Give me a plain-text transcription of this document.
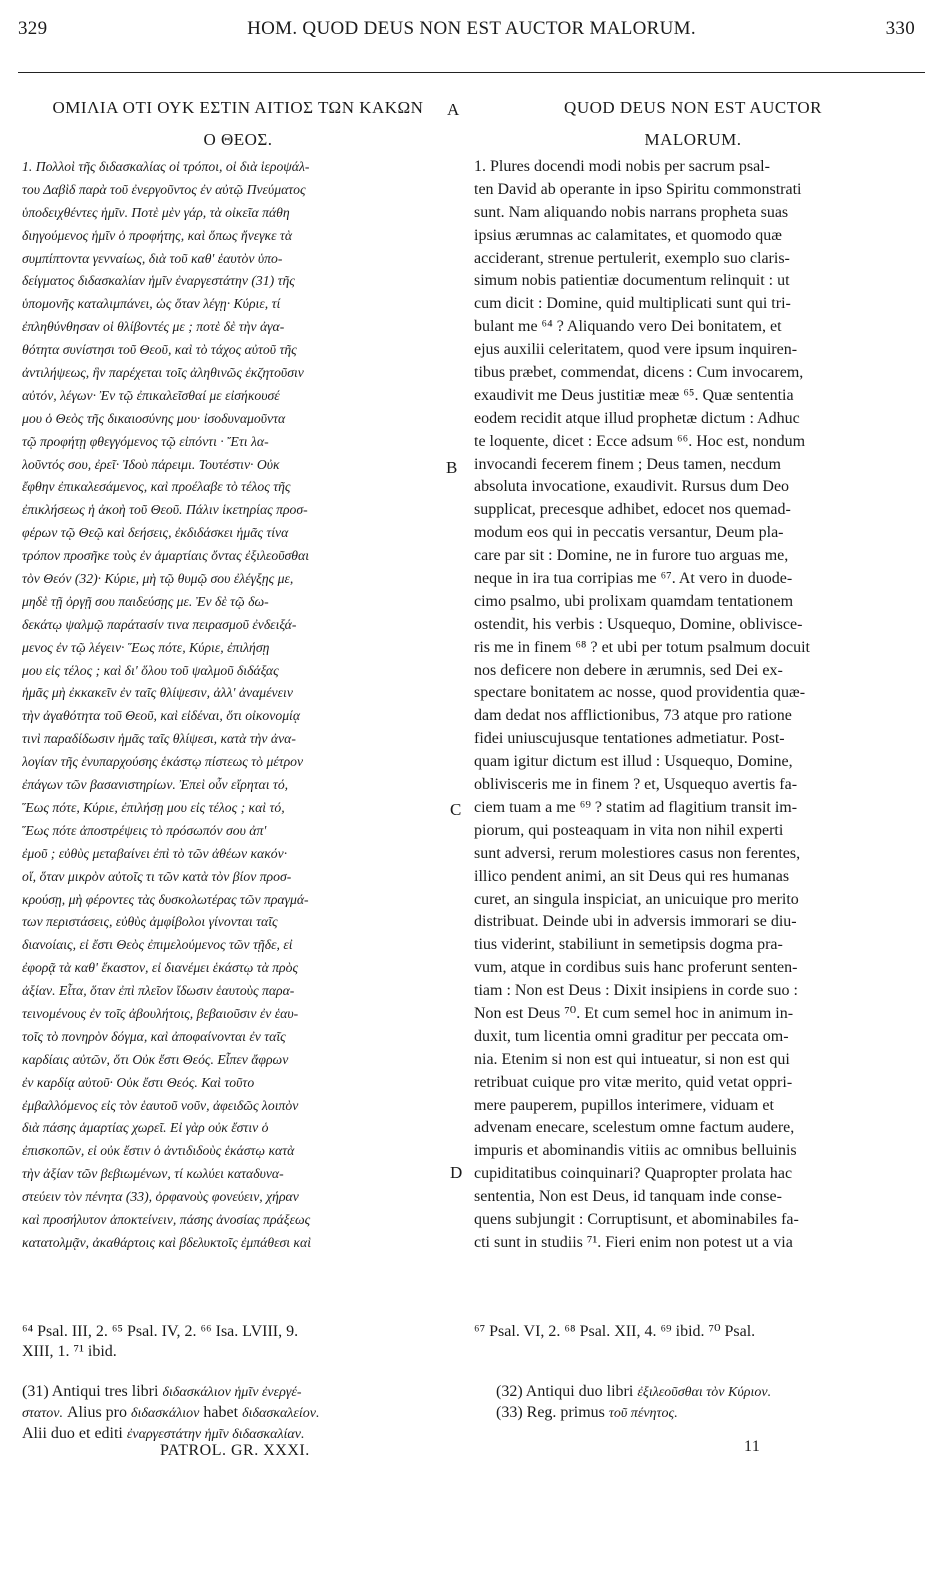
329	HOM. QUOD DEUS NON EST AUCTOR MALORUM.	330
ΟΜΙΛΙΑ ΟΤΙ ΟΥΚ ΕΣΤΙΝ ΑΙΤΙΟΣ ΤΩΝ ΚΑΚΩΝ
Ο ΘΕΟΣ.
1. Πολλοὶ τῆς διδασκαλίας οἱ τρόποι, οἱ διὰ ἱεροψάλ-
του Δαβὶδ παρὰ τοῦ ἐνεργοῦντος ἐν αὐτῷ Πνεύματος
ὑποδειχθέντες ἡμῖν. Ποτὲ μὲν γάρ, τὰ οἰκεῖα πάθη
διηγούμενος ἡμῖν ὁ προφήτης, καὶ ὅπως ἤνεγκε τὰ
συμπίπτοντα γενναίως, διὰ τοῦ καθ' ἑαυτὸν ὑπο-
δείγματος διδασκαλίαν ἡμῖν ἐναργεστάτην (31) τῆς
ὑπομονῆς καταλιμπάνει, ὡς ὅταν λέγῃ· Κύριε, τί
ἐπληθύνθησαν οἱ θλίβοντές με ; ποτὲ δὲ τὴν ἀγα-
θότητα συνίστησι τοῦ Θεοῦ, καὶ τὸ τάχος αὐτοῦ τῆς
ἀντιλήψεως, ἣν παρέχεται τοῖς ἀληθινῶς ἐκζητοῦσιν
αὐτόν, λέγων· Ἐν τῷ ἐπικαλεῖσθαί με εἰσήκουσέ
μου ὁ Θεὸς τῆς δικαιοσύνης μου· ἰσοδυναμοῦντα
τῷ προφήτῃ φθεγγόμενος τῷ εἰπόντι · Ἔτι λα-
λοῦντός σου, ἐρεῖ· Ἰδοὺ πάρειμι. Τουτέστιν· Οὐκ
ἔφθην ἐπικαλεσάμενος, καὶ προέλαβε τὸ τέλος τῆς
ἐπικλήσεως ἡ ἀκοὴ τοῦ Θεοῦ. Πάλιν ἱκετηρίας προσ-
φέρων τῷ Θεῷ καὶ δεήσεις, ἐκδιδάσκει ἡμᾶς τίνα
τρόπον προσῆκε τοὺς ἐν ἁμαρτίαις ὄντας ἐξιλεοῦσθαι
τὸν Θεόν (32)· Κύριε, μὴ τῷ θυμῷ σου ἐλέγξῃς με,
μηδὲ τῇ ὀργῇ σου παιδεύσῃς με. Ἐν δὲ τῷ δω-
δεκάτῳ ψαλμῷ παράτασίν τινα πειρασμοῦ ἐνδειξά-
μενος ἐν τῷ λέγειν· Ἕως πότε, Κύριε, ἐπιλήσῃ
μου εἰς τέλος ; καὶ δι' ὅλου τοῦ ψαλμοῦ διδάξας
ἡμᾶς μὴ ἐκκακεῖν ἐν ταῖς θλίψεσιν, ἀλλ' ἀναμένειν
τὴν ἀγαθότητα τοῦ Θεοῦ, καὶ εἰδέναι, ὅτι οἰκονομίᾳ
τινὶ παραδίδωσιν ἡμᾶς ταῖς θλίψεσι, κατὰ τὴν ἀνα-
λογίαν τῆς ἐνυπαρχούσης ἑκάστῳ πίστεως τὸ μέτρον
ἐπάγων τῶν βασανιστηρίων. Ἐπεὶ οὖν εἴρηται τό,
Ἕως πότε, Κύριε, ἐπιλήσῃ μου εἰς τέλος ; καὶ τό,
Ἕως πότε ἀποστρέψεις τὸ πρόσωπόν σου ἀπ'
ἐμοῦ ; εὐθὺς μεταβαίνει ἐπὶ τὸ τῶν ἀθέων κακόν·
οἵ, ὅταν μικρὸν αὐτοῖς τι τῶν κατὰ τὸν βίον προσ-
κρούσῃ, μὴ φέροντες τὰς δυσκολωτέρας τῶν πραγμά-
των περιστάσεις, εὐθὺς ἀμφίβολοι γίνονται ταῖς
διανοίαις, εἰ ἔστι Θεὸς ἐπιμελούμενος τῶν τῇδε, εἰ
ἐφορᾷ τὰ καθ' ἕκαστον, εἰ διανέμει ἑκάστῳ τὰ πρὸς
ἀξίαν. Εἶτα, ὅταν ἐπὶ πλεῖον ἴδωσιν ἑαυτοὺς παρα-
τεινομένους ἐν τοῖς ἀβουλήτοις, βεβαιοῦσιν ἐν ἑαυ-
τοῖς τὸ πονηρὸν δόγμα, καὶ ἀποφαίνονται ἐν ταῖς
καρδίαις αὐτῶν, ὅτι Οὐκ ἔστι Θεός. Εἶπεν ἄφρων
ἐν καρδίᾳ αὐτοῦ· Οὐκ ἔστι Θεός. Καὶ τοῦτο
ἐμβαλλόμενος εἰς τὸν ἑαυτοῦ νοῦν, ἀφειδῶς λοιπὸν
διὰ πάσης ἁμαρτίας χωρεῖ. Εἰ γὰρ οὐκ ἔστιν ὁ
ἐπισκοπῶν, εἰ οὐκ ἔστιν ὁ ἀντιδιδοὺς ἑκάστῳ κατὰ
τὴν ἀξίαν τῶν βεβιωμένων, τί κωλύει καταδυνα-
στεύειν τὸν πένητα (33), ὀρφανοὺς φονεύειν, χήραν
καὶ προσήλυτον ἀποκτείνειν, πάσης ἀνοσίας πράξεως
κατατολμᾷν, ἀκαθάρτοις καὶ βδελυκτοῖς ἐμπάθεσι καὶ
QUOD DEUS NON EST AUCTOR
MALORUM.
1. Plures docendi modi nobis per sacrum psal-
ten David ab operante in ipso Spiritu commonstrati
sunt. Nam aliquando nobis narrans propheta suas
ipsius ærumnas ac calamitates, et quomodo quæ
acciderant, strenue pertulerit, exemplo suo claris-
simum nobis patientiæ documentum relinquit : ut
cum dicit : Domine, quid multiplicati sunt qui tri-
bulant me ⁶⁴ ? Aliquando vero Dei bonitatem, et
ejus auxilii celeritatem, quod vere ipsum inquiren-
tibus præbet, commendat, dicens : Cum invocarem,
exaudivit me Deus justitiæ meæ ⁶⁵. Quæ sententia
eodem recidit atque illud prophetæ dictum : Adhuc
te loquente, dicet : Ecce adsum ⁶⁶. Hoc est, nondum
invocandi fecerem finem ; Deus tamen, necdum
absoluta invocatione, exaudivit. Rursus dum Deo
supplicat, precesque adhibet, edocet nos quemad-
modum eos qui in peccatis versantur, Deum pla-
care par sit : Domine, ne in furore tuo arguas me,
neque in ira tua corripias me ⁶⁷. At vero in duode-
cimo psalmo, ubi prolixam quamdam tentationem
ostendit, his verbis : Usquequo, Domine, oblivisce-
ris me in finem ⁶⁸ ? et ubi per totum psalmum docuit
nos deficere non debere in ærumnis, sed Dei ex-
spectare bonitatem ac nosse, quod providentia quæ-
dam dedat nos afflictionibus, 73 atque pro ratione
fidei uniuscujusque tentationes admetiatur. Post-
quam igitur dictum est illud : Usquequo, Domine,
oblivisceris me in finem ? et, Usquequo avertis fa-
ciem tuam a me ⁶⁹ ? statim ad flagitium transit im-
piorum, qui posteaquam in vita non nihil experti
sunt adversi, rerum molestiores casus non ferentes,
illico pendent animi, an sit Deus qui res humanas
curet, an singula inspiciat, an unicuique pro merito
distribuat. Deinde ubi in adversis immorari se diu-
tius viderint, stabiliunt in semetipsis dogma pra-
vum, atque in cordibus suis hanc proferunt senten-
tiam : Non est Deus : Dixit insipiens in corde suo :
Non est Deus ⁷⁰. Et cum semel hoc in animum in-
duxit, tum licentia omni graditur per peccata om-
nia. Etenim si non est qui intueatur, si non est qui
retribuat cuique pro vitæ merito, quid vetat oppri-
mere pauperem, pupillos interimere, viduam et
advenam enecare, scelestum omne factum audere,
impuris et abominandis vitiis ac omnibus belluinis
cupiditatibus coinquinari? Quapropter prolata hac
sententia, Non est Deus, id tanquam inde conse-
quens subjungit : Corruptisunt, et abominabiles fa-
cti sunt in studiis ⁷¹. Fieri enim non potest ut a via
A
B
C
D
⁶⁴ Psal. III, 2. ⁶⁵ Psal. IV, 2. ⁶⁶ Isa. LVIII, 9.
XIII, 1. ⁷¹ ibid.
⁶⁷ Psal. VI, 2. ⁶⁸ Psal. XII, 4. ⁶⁹ ibid. ⁷⁰ Psal.
(31) Antiqui tres libri διδασκάλιον ἡμῖν ἐνεργέ-
στατον. Alius pro διδασκάλιον habet διδασκαλείον.
Alii duo et editi ἐναργεστάτην ἡμῖν διδασκαλίαν.
(32) Antiqui duo libri ἐξιλεοῦσθαι τὸν Κύριον.
(33) Reg. primus τοῦ πένητος.
PATROL. GR. XXXI.	11
